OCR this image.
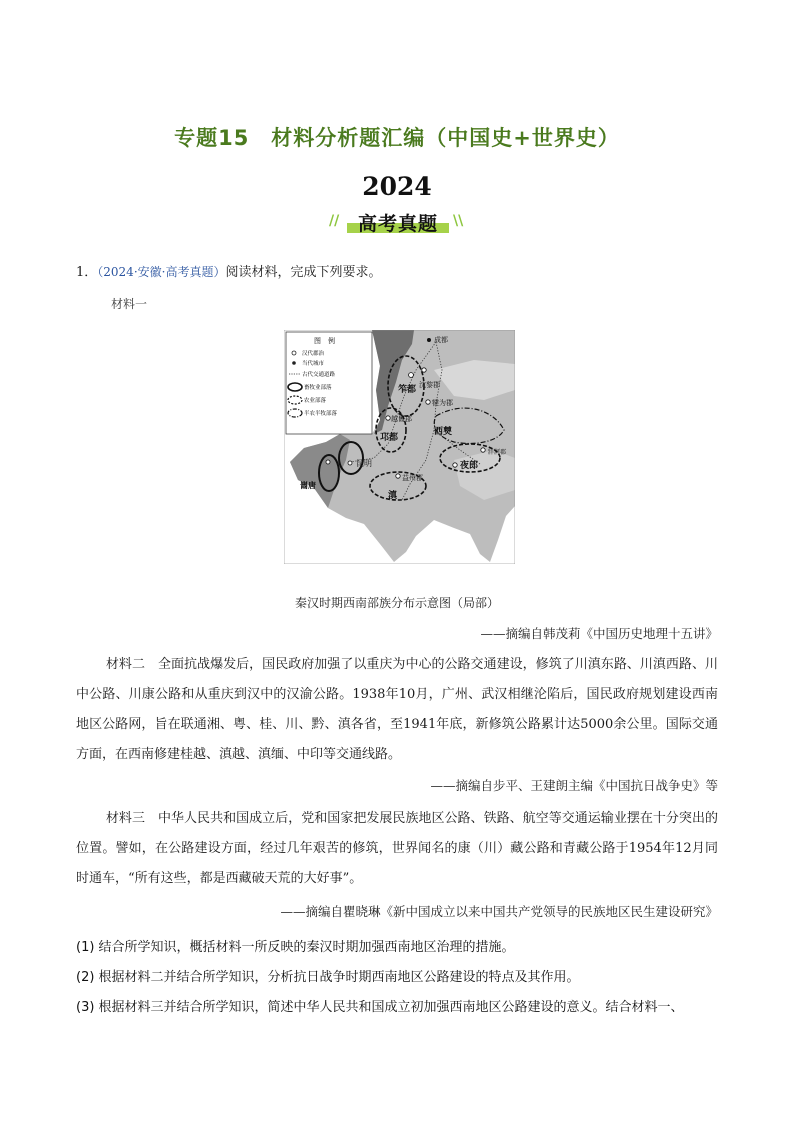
专题15　材料分析题汇编（中国史+世界史）
2024
// 高考真题	\\
1．（2024·安徽·高考真题）阅读材料，完成下列要求。
材料一
图　例
汉代郡治
当代城市
古代交通道路
畜牧业部落
农业部落
半农半牧部落
成都
笮都 沈黎郡
犍为郡
越巂郡
邛都
西僰
昆明
巂唐
牂牁郡
夜郎
益州郡
滇
秦汉时期西南部族分布示意图（局部）
——摘编自韩茂莉《中国历史地理十五讲》
材料二　全面抗战爆发后，国民政府加强了以重庆为中心的公路交通建设，修筑了川滇东路、川滇西路、川中公路、川康公路和从重庆到汉中的汉渝公路。1938年10月，广州、武汉相继沦陷后，国民政府规划建设西南地区公路网，旨在联通湘、粤、桂、川、黔、滇各省，至1941年底，新修筑公路累计达5000余公里。国际交通方面，在西南修建桂越、滇越、滇缅、中印等交通线路。
——摘编自步平、王建朗主编《中国抗日战争史》等
材料三　中华人民共和国成立后，党和国家把发展民族地区公路、铁路、航空等交通运输业摆在十分突出的位置。譬如，在公路建设方面，经过几年艰苦的修筑，世界闻名的康（川）藏公路和青藏公路于1954年12月同时通车，“所有这些，都是西藏破天荒的大好事”。
——摘编自瞿晓琳《新中国成立以来中国共产党领导的民族地区民生建设研究》
(1) 结合所学知识，概括材料一所反映的秦汉时期加强西南地区治理的措施。
(2) 根据材料二并结合所学知识，分析抗日战争时期西南地区公路建设的特点及其作用。
(3) 根据材料三并结合所学知识，简述中华人民共和国成立初加强西南地区公路建设的意义。结合材料一、
